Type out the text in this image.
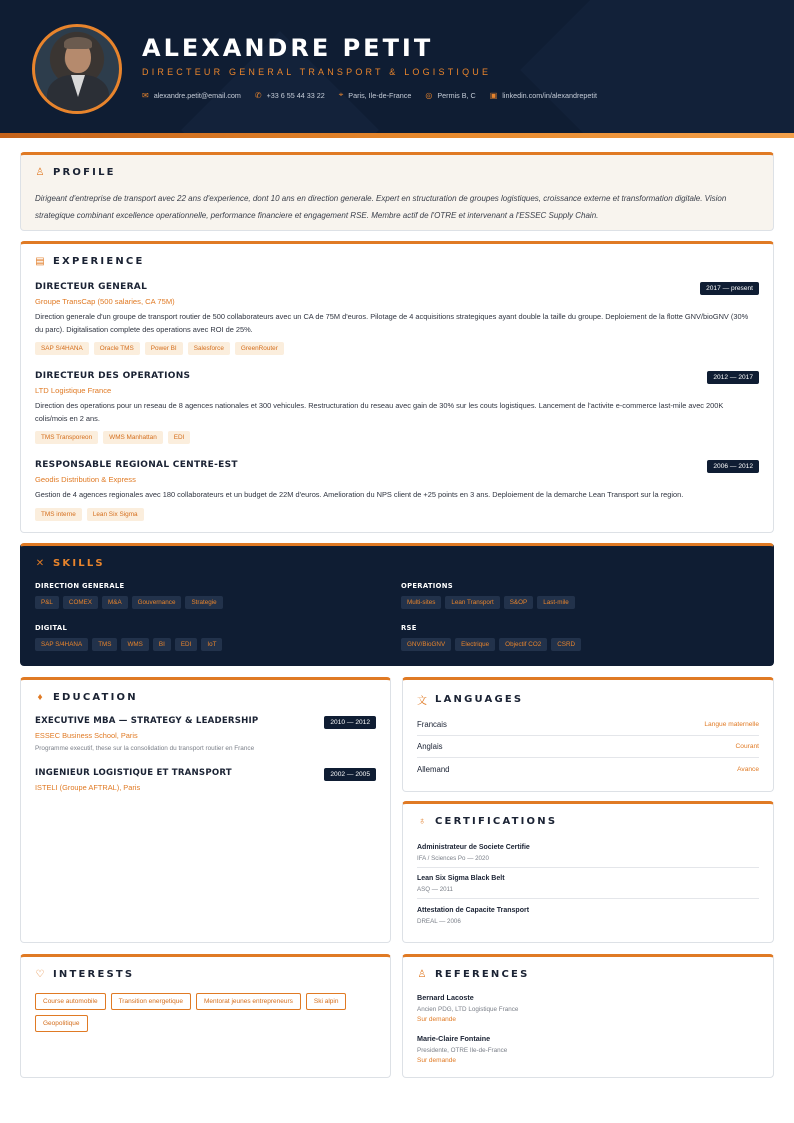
ALEXANDRE PETIT
DIRECTEUR GENERAL TRANSPORT & LOGISTIQUE
✉ alexandre.petit@email.com ✆ +33 6 55 44 33 22 ⌖ Paris, Ile-de-France ◎ Permis B, C ▣ linkedin.com/in/alexandrepetit
♙ PROFILE
Dirigeant d'entreprise de transport avec 22 ans d'experience, dont 10 ans en direction generale. Expert en structuration de groupes logistiques, croissance externe et transformation digitale. Vision strategique combinant excellence operationnelle, performance financiere et engagement RSE. Membre actif de l'OTRE et intervenant a l'ESSEC Supply Chain.
▤ EXPERIENCE
DIRECTEUR GENERAL
Groupe TransCap (500 salaries, CA 75M)
2017 — present
Direction generale d'un groupe de transport routier de 500 collaborateurs avec un CA de 75M d'euros. Pilotage de 4 acquisitions strategiques ayant double la taille du groupe. Deploiement de la flotte GNV/bioGNV (30% du parc). Digitalisation complete des operations avec ROI de 25%.
SAP S/4HANA	Oracle TMS	Power BI	Salesforce	GreenRouter
DIRECTEUR DES OPERATIONS
LTD Logistique France
2012 — 2017
Direction des operations pour un reseau de 8 agences nationales et 300 vehicules. Restructuration du reseau avec gain de 30% sur les couts logistiques. Lancement de l'activite e-commerce last-mile avec 200K colis/mois en 2 ans.
TMS Transporeon	WMS Manhattan	EDI
RESPONSABLE REGIONAL CENTRE-EST
Geodis Distribution & Express
2006 — 2012
Gestion de 4 agences regionales avec 180 collaborateurs et un budget de 22M d'euros. Amelioration du NPS client de +25 points en 3 ans. Deploiement de la demarche Lean Transport sur la region.
TMS interne	Lean Six Sigma
✕ SKILLS
DIRECTION GENERALE
P&L	COMEX	M&A	Gouvernance	Strategie
OPERATIONS
Multi-sites	Lean Transport	S&OP	Last-mile
DIGITAL
SAP S/4HANA	TMS	WMS	BI	EDI	IoT
RSE
GNV/BioGNV	Electrique	Objectif CO2	CSRD
♦ EDUCATION
EXECUTIVE MBA — STRATEGY & LEADERSHIP
ESSEC Business School, Paris
Programme executif, these sur la consolidation du transport routier en France
2010 — 2012
INGENIEUR LOGISTIQUE ET TRANSPORT
ISTELI (Groupe AFTRAL), Paris
2002 — 2005
文 LANGUAGES
Francais	Langue maternelle
Anglais	Courant
Allemand	Avance
♁ CERTIFICATIONS
Administrateur de Societe Certifie
IFA / Sciences Po — 2020
Lean Six Sigma Black Belt
ASQ — 2011
Attestation de Capacite Transport
DREAL — 2006
♡ INTERESTS
Course automobile	Transition energetique	Mentorat jeunes entrepreneurs	Ski alpin
Geopolitique
♙ REFERENCES
Bernard Lacoste
Ancien PDG, LTD Logistique France
Sur demande
Marie-Claire Fontaine
Presidente, OTRE Ile-de-France
Sur demande
